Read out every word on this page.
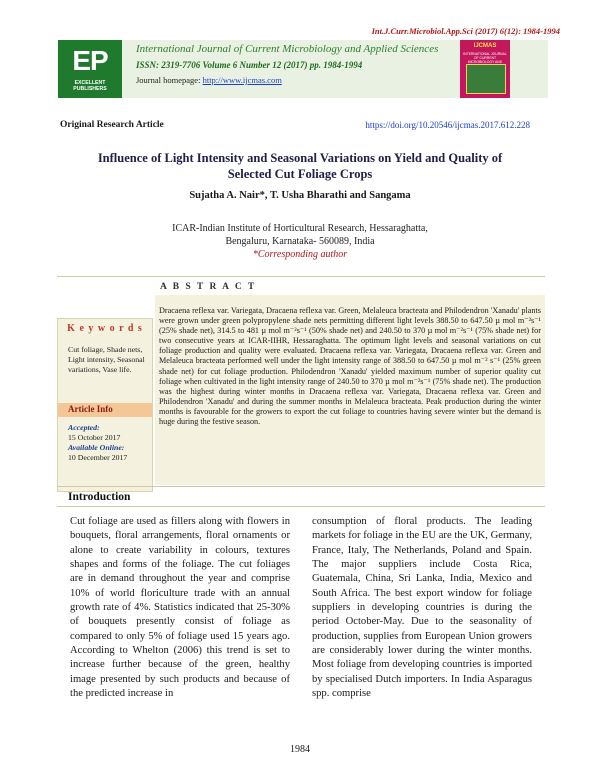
Int.J.Curr.Microbiol.App.Sci (2017) 6(12): 1984-1994
EP
EXCELLENT PUBLISHERS
International Journal of Current Microbiology and Applied Sciences
ISSN: 2319-7706 Volume 6 Number 12 (2017) pp. 1984-1994
Journal homepage: http://www.ijcmas.com
IJCMAS
INTERNATIONAL JOURNAL OF CURRENT MICROBIOLOGY AND
Original Research Article	https://doi.org/10.20546/ijcmas.2017.612.228
Influence of Light Intensity and Seasonal Variations on Yield and Quality of Selected Cut Foliage Crops
Sujatha A. Nair*, T. Usha Bharathi and Sangama
ICAR-Indian Institute of Horticultural Research, Hessaraghatta,
Bengaluru, Karnataka- 560089, India
*Corresponding author
A B S T R A C T
Dracaena reflexa var. Variegata, Dracaena reflexa var. Green, Melaleuca bracteata and Philodendron 'Xanadu' plants were grown under green polypropylene shade nets permitting different light levels 388.50 to 647.50 µ mol m⁻²s⁻¹ (25% shade net), 314.5 to 481 µ mol m⁻²s⁻¹ (50% shade net) and 240.50 to 370 µ mol m⁻²s⁻¹ (75% shade net) for two consecutive years at ICAR-IIHR, Hessaraghatta. The optimum light levels and seasonal variations on cut foliage production and quality were evaluated. Dracaena reflexa var. Variegata, Dracaena reflexa var. Green and Melaleuca bracteata performed well under the light intensity range of 388.50 to 647.50 µ mol m⁻² s⁻¹ (25% green shade net) for cut foliage production. Philodendron 'Xanadu' yielded maximum number of superior quality cut foliage when cultivated in the light intensity range of 240.50 to 370 µ mol m⁻²s⁻¹ (75% shade net). The production was the highest during winter months in Dracaena reflexa var. Variegata, Dracaena reflexa var. Green and Philodendron 'Xanadu' and during the summer months in Melaleuca bracteata. Peak production during the winter months is favourable for the growers to export the cut foliage to countries having severe winter but the demand is huge during the festive season.
K e y w o r d s
Cut foliage, Shade nets, Light intensity, Seasonal variations, Vase life.
Article Info
Accepted:
15 October 2017
Available Online:
10 December 2017
Introduction
Cut foliage are used as fillers along with flowers in bouquets, floral arrangements, floral ornaments or alone to create variability in colours, textures shapes and forms of the foliage. The cut foliages are in demand throughout the year and comprise 10% of world floriculture trade with an annual growth rate of 4%. Statistics indicated that 25-30% of bouquets presently consist of foliage as compared to only 5% of foliage used 15 years ago. According to Whelton (2006) this trend is set to increase further because of the green, healthy image presented by such products and because of the predicted increase in
consumption of floral products. The leading markets for foliage in the EU are the UK, Germany, France, Italy, The Netherlands, Poland and Spain. The major suppliers include Costa Rica, Guatemala, China, Sri Lanka, India, Mexico and South Africa. The best export window for foliage suppliers in developing countries is during the period October-May. Due to the seasonality of production, supplies from European Union growers are considerably lower during the winter months. Most foliage from developing countries is imported by specialised Dutch importers. In India Asparagus spp. comprise
1984
